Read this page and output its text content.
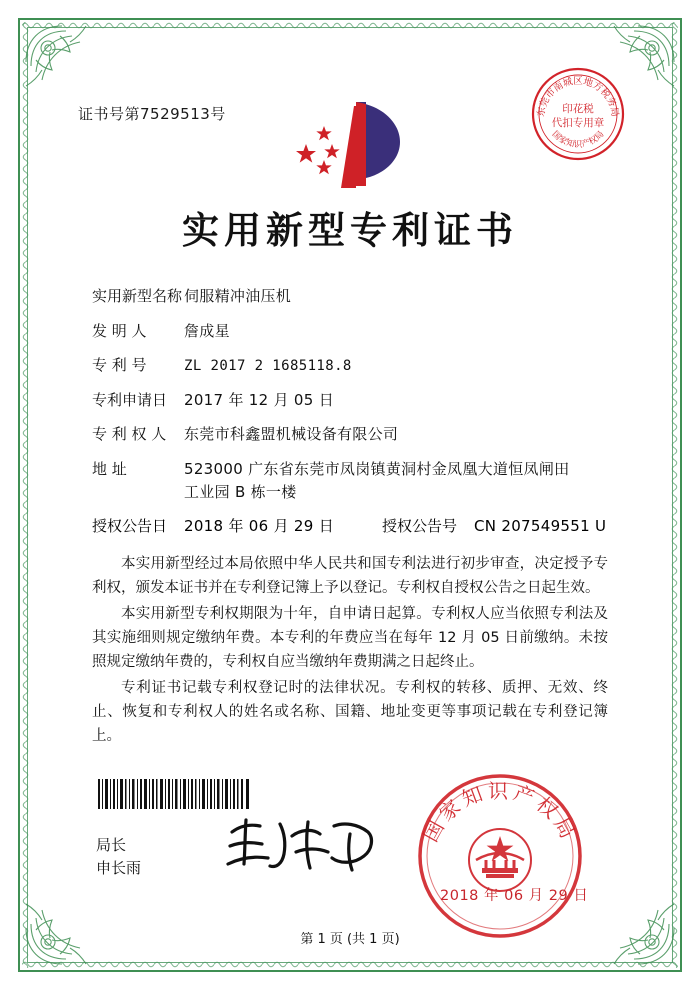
证书号第7529513号	东莞市南城区地方税务局
印花税
代扣专用章
国家知识产权局
实用新型专利证书
实用新型名称 伺服精冲油压机
发 明 人	詹成星
专 利 号	ZL 2017 2 1685118.8
专利申请日	2017 年 12 月 05 日
专 利 权 人	东莞市科鑫盟机械设备有限公司
地 址	523000 广东省东莞市凤岗镇黄洞村金凤凰大道恒凤闸田
工业园 B 栋一楼
授权公告日	2018 年 06 月 29 日	授权公告号	CN 207549551 U

本实用新型经过本局依照中华人民共和国专利法进行初步审查，决定授予专利权，颁发本证书并在专利登记簿上予以登记。专利权自授权公告之日起生效。

本实用新型专利权期限为十年，自申请日起算。专利权人应当依照专利法及其实施细则规定缴纳年费。本专利的年费应当在每年 12 月 05 日前缴纳。未按照规定缴纳年费的，专利权自应当缴纳年费期满之日起终止。

专利证书记载专利权登记时的法律状况。专利权的转移、质押、无效、终止、恢复和专利权人的姓名或名称、国籍、地址变更等事项记载在专利登记簿上。

局长
申长雨
国家知识产权局
2018 年 06 月 29 日
第 1 页 (共 1 页)
